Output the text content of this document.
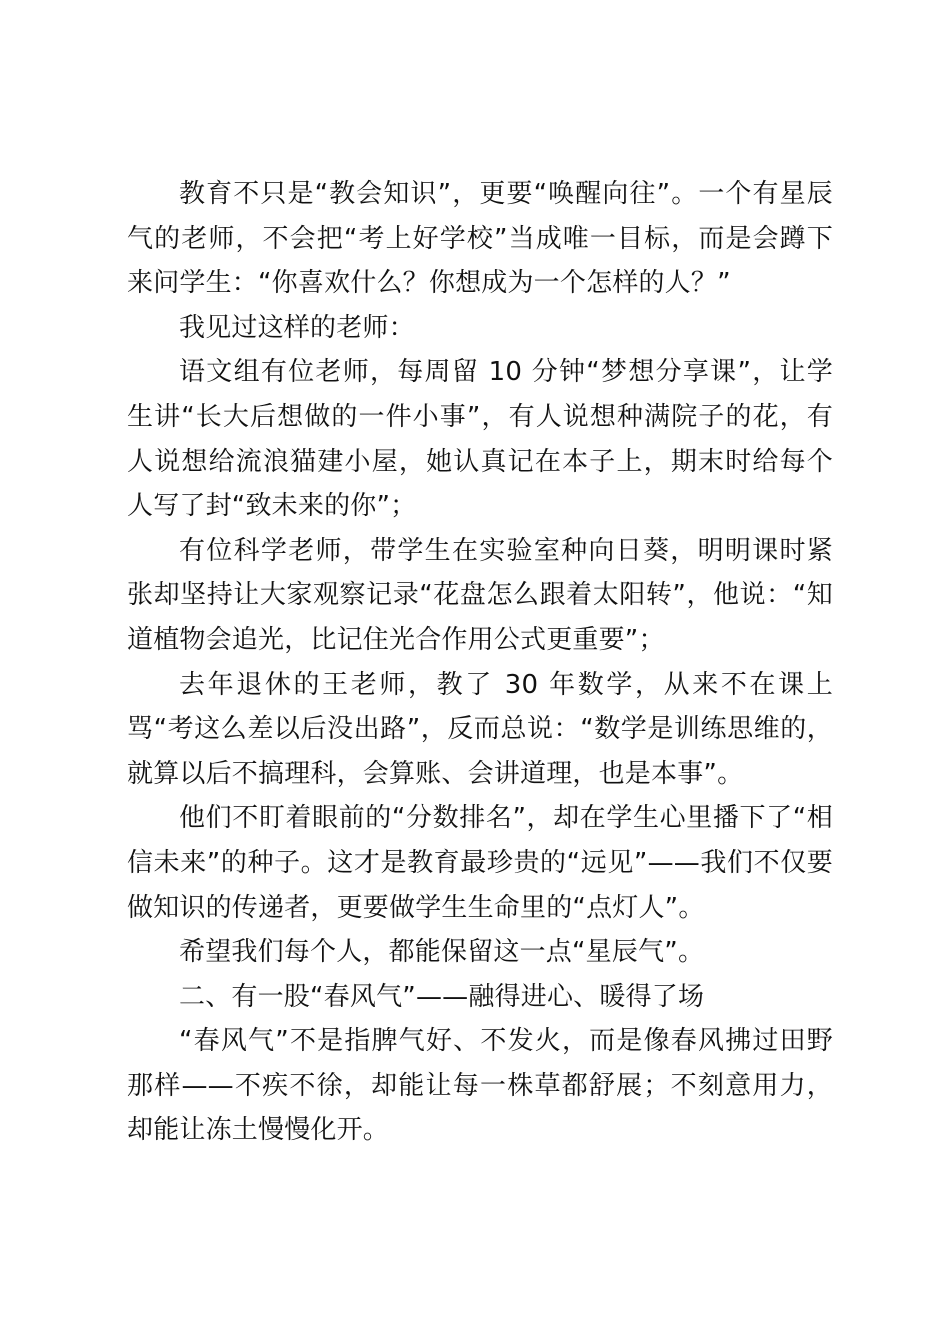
教育不只是“教会知识”，更要“唤醒向往”。一个有星辰气的老师，不会把“考上好学校”当成唯一目标，而是会蹲下来问学生：“你喜欢什么？你想成为一个怎样的人？”

我见过这样的老师：

语文组有位老师，每周留 10 分钟“梦想分享课”，让学生讲“长大后想做的一件小事”，有人说想种满院子的花，有人说想给流浪猫建小屋，她认真记在本子上，期末时给每个人写了封“致未来的你”；

有位科学老师，带学生在实验室种向日葵，明明课时紧张却坚持让大家观察记录“花盘怎么跟着太阳转”，他说：“知道植物会追光，比记住光合作用公式更重要”；

去年退休的王老师，教了 30 年数学，从来不在课上骂“考这么差以后没出路”，反而总说：“数学是训练思维的，就算以后不搞理科，会算账、会讲道理，也是本事”。

他们不盯着眼前的“分数排名”，却在学生心里播下了“相信未来”的种子。这才是教育最珍贵的“远见”——我们不仅要做知识的传递者，更要做学生生命里的“点灯人”。

希望我们每个人，都能保留这一点“星辰气”。

二、有一股“春风气”——融得进心、暖得了场

“春风气”不是指脾气好、不发火，而是像春风拂过田野那样——不疾不徐，却能让每一株草都舒展；不刻意用力，却能让冻土慢慢化开。
